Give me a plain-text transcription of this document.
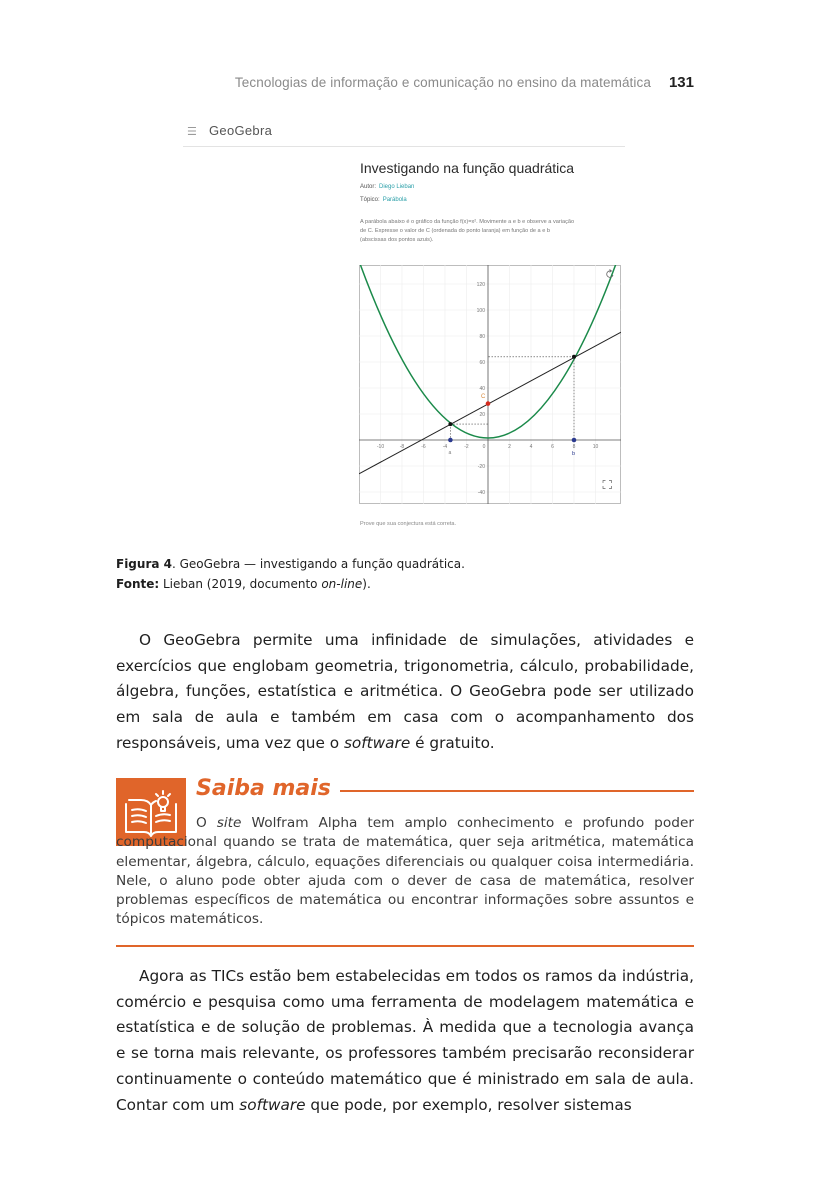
Tecnologias de informação e comunicação no ensino da matemática 131
☰ GeoGebra
Investigando na função quadrática
Autor: Diego Lieban
Tópico: Parábola
A parábola abaixo é o gráfico da função f(x)=x². Movimente a e b e observe a variação de C. Expresse o valor de C (ordenada do ponto laranja) em função de a e b (abscissas dos pontos azuis).
-10	-8	-6	-4	-2	0	2	4	6	8	10
120
100
80
60
40
20
-20
-40
C
a	b
Prove que sua conjectura está correta.
Figura 4. GeoGebra — investigando a função quadrática.
Fonte: Lieban (2019, documento on-line).

O GeoGebra permite uma infinidade de simulações, atividades e exercícios que englobam geometria, trigonometria, cálculo, probabilidade, álgebra, funções, estatística e aritmética. O GeoGebra pode ser utilizado em sala de aula e também em casa com o acompanhamento dos responsáveis, uma vez que o software é gratuito.

Saiba mais
O site Wolfram Alpha tem amplo conhecimento e profundo poder computacional quando se trata de matemática, quer seja aritmética, matemática elementar, álgebra, cálculo, equações diferenciais ou qualquer coisa intermediária. Nele, o aluno pode obter ajuda com o dever de casa de matemática, resolver problemas específicos de matemática ou encontrar informações sobre assuntos e tópicos matemáticos.

Agora as TICs estão bem estabelecidas em todos os ramos da indústria, comércio e pesquisa como uma ferramenta de modelagem matemática e estatística e de solução de problemas. À medida que a tecnologia avança e se torna mais relevante, os professores também precisarão reconsiderar continuamente o conteúdo matemático que é ministrado em sala de aula. Contar com um software que pode, por exemplo, resolver sistemas
